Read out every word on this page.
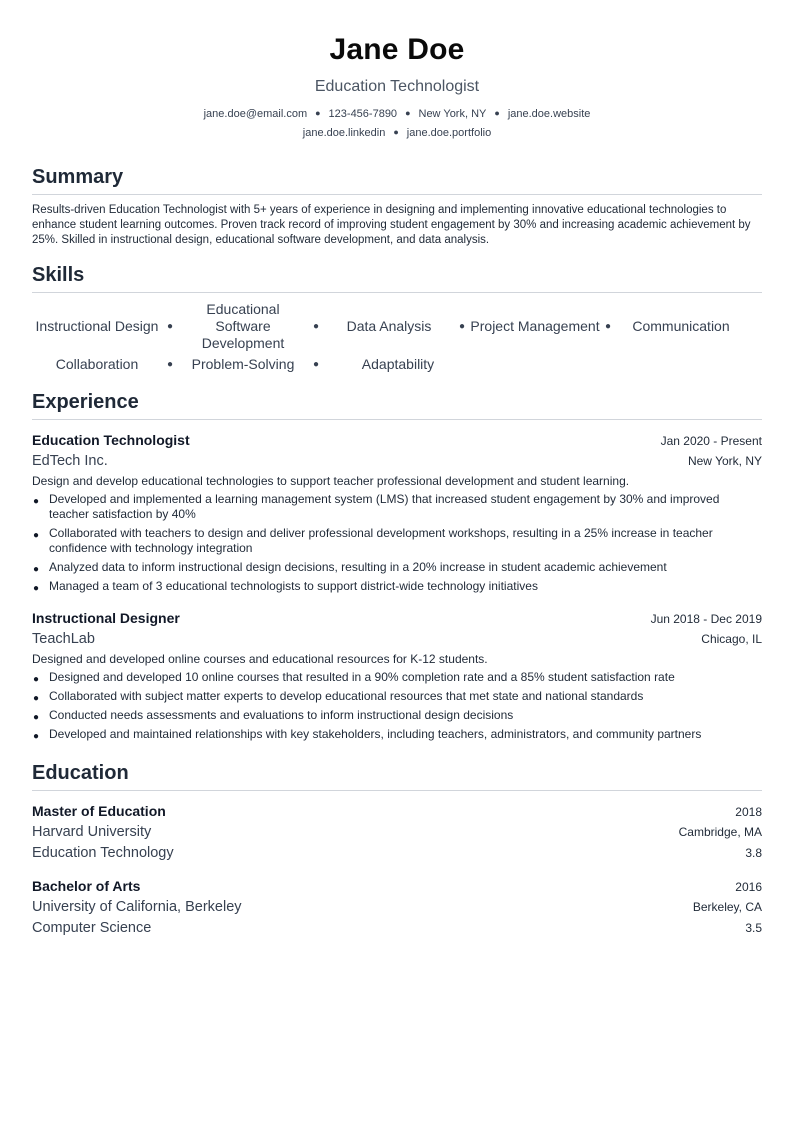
Jane Doe
Education Technologist
jane.doe@email.com ● 123-456-7890 ● New York, NY ● jane.doe.website
jane.doe.linkedin ● jane.doe.portfolio
Summary
Results-driven Education Technologist with 5+ years of experience in designing and implementing innovative educational technologies to enhance student learning outcomes. Proven track record of improving student engagement by 30% and increasing academic achievement by 25%. Skilled in instructional design, educational software development, and data analysis.
Skills
Instructional Design ●
Educational Software Development
●	Data Analysis	● Project Management ●	Communication
Collaboration	●	Problem-Solving	●	Adaptability
Experience
Education Technologist	Jan 2020 - Present
EdTech Inc.	New York, NY
Design and develop educational technologies to support teacher professional development and student learning.
● Developed and implemented a learning management system (LMS) that increased student engagement by 30% and improved teacher satisfaction by 40%
● Collaborated with teachers to design and deliver professional development workshops, resulting in a 25% increase in teacher confidence with technology integration
● Analyzed data to inform instructional design decisions, resulting in a 20% increase in student academic achievement
● Managed a team of 3 educational technologists to support district-wide technology initiatives
Instructional Designer	Jun 2018 - Dec 2019
TeachLab	Chicago, IL
Designed and developed online courses and educational resources for K-12 students.
● Designed and developed 10 online courses that resulted in a 90% completion rate and a 85% student satisfaction rate
● Collaborated with subject matter experts to develop educational resources that met state and national standards
● Conducted needs assessments and evaluations to inform instructional design decisions
● Developed and maintained relationships with key stakeholders, including teachers, administrators, and community partners
Education
Master of Education	2018
Harvard University	Cambridge, MA
Education Technology	3.8
Bachelor of Arts	2016
University of California, Berkeley	Berkeley, CA
Computer Science	3.5
